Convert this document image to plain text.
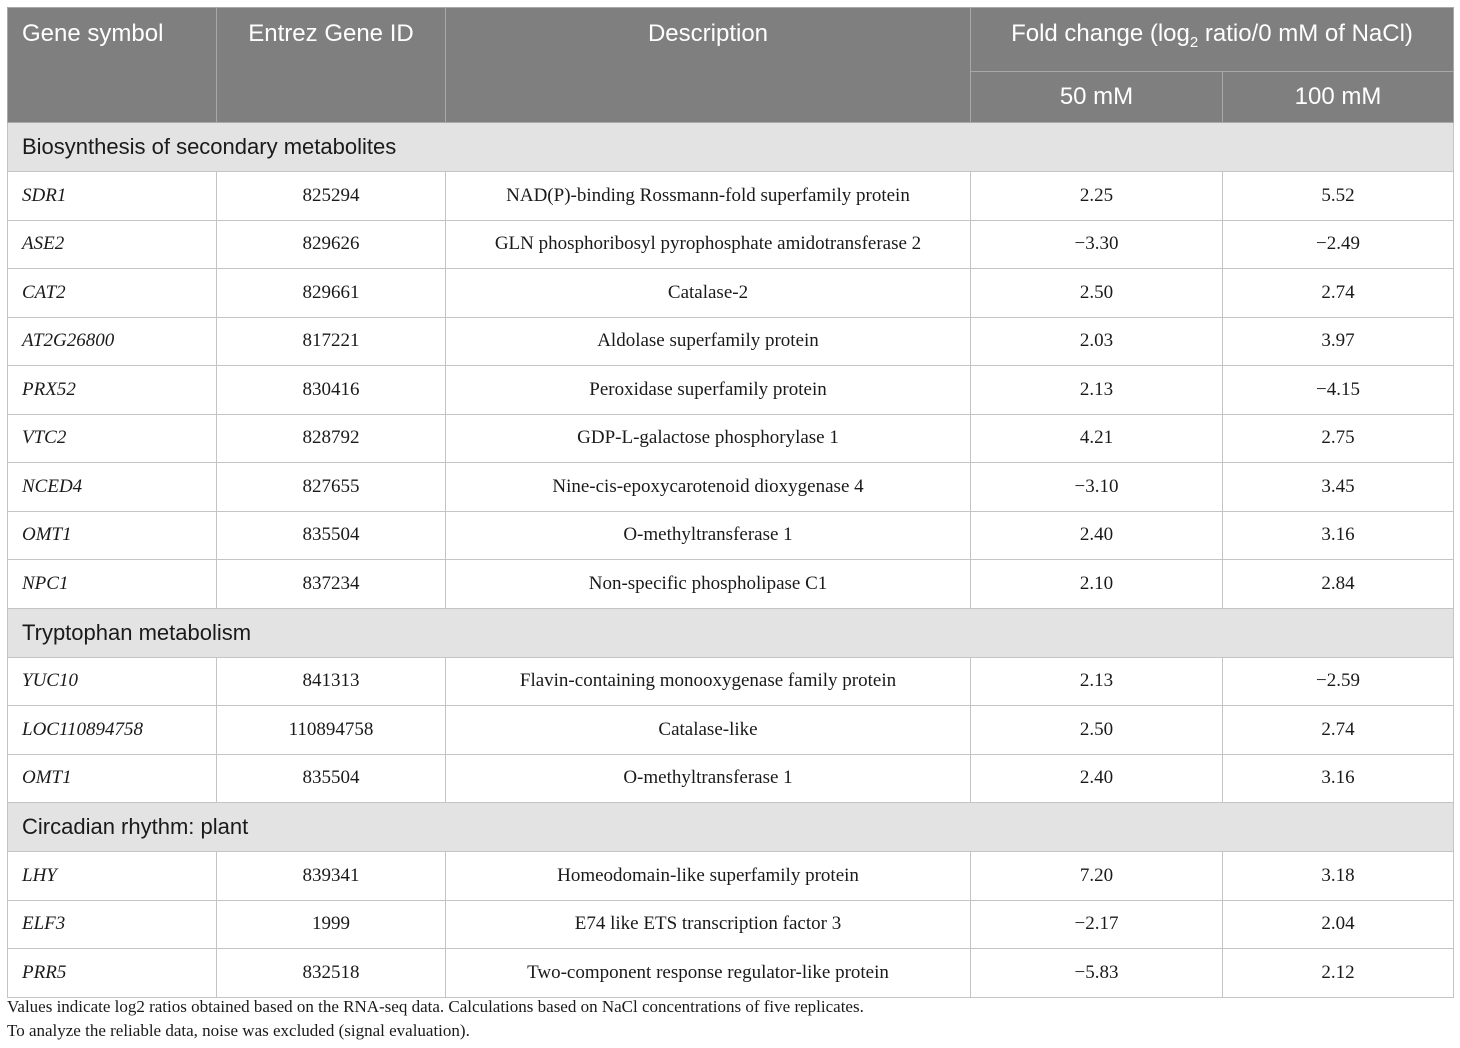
Gene symbol	Entrez Gene ID	Description	Fold change ($\log_2$ ratio/0 mM of NaCl)	
			50 mM	100 mM
Biosynthesis of secondary metabolites				
SDR1	825294	NAD(P)-binding Rossmann-fold superfamily protein	2.25	5.52
ASE2	829626	GLN phosphoribosyl pyrophosphate amidotransferase 2	−3.30	−2.49
CAT2	829661	Catalase-2	2.50	2.74
AT2G26800	817221	Aldolase superfamily protein	2.03	3.97
PRX52	830416	Peroxidase superfamily protein	2.13	−4.15
VTC2	828792	GDP-L-galactose phosphorylase 1	4.21	2.75
NCED4	827655	Nine-cis-epoxycarotenoid dioxygenase 4	−3.10	3.45
OMT1	835504	O-methyltransferase 1	2.40	3.16
NPC1	837234	Non-specific phospholipase C1	2.10	2.84
Tryptophan metabolism				
YUC10	841313	Flavin-containing monooxygenase family protein	2.13	−2.59
LOC110894758	110894758	Catalase-like	2.50	2.74
OMT1	835504	O-methyltransferase 1	2.40	3.16
Circadian rhythm: plant				
LHY	839341	Homeodomain-like superfamily protein	7.20	3.18
ELF3	1999	E74 like ETS transcription factor 3	−2.17	2.04
PRR5	832518	Two-component response regulator-like protein	−5.83	2.12
Values indicate log2 ratios obtained based on the RNA-seq data. Calculations based on NaCl concentrations of five replicates.
To analyze the reliable data, noise was excluded (signal evaluation).
